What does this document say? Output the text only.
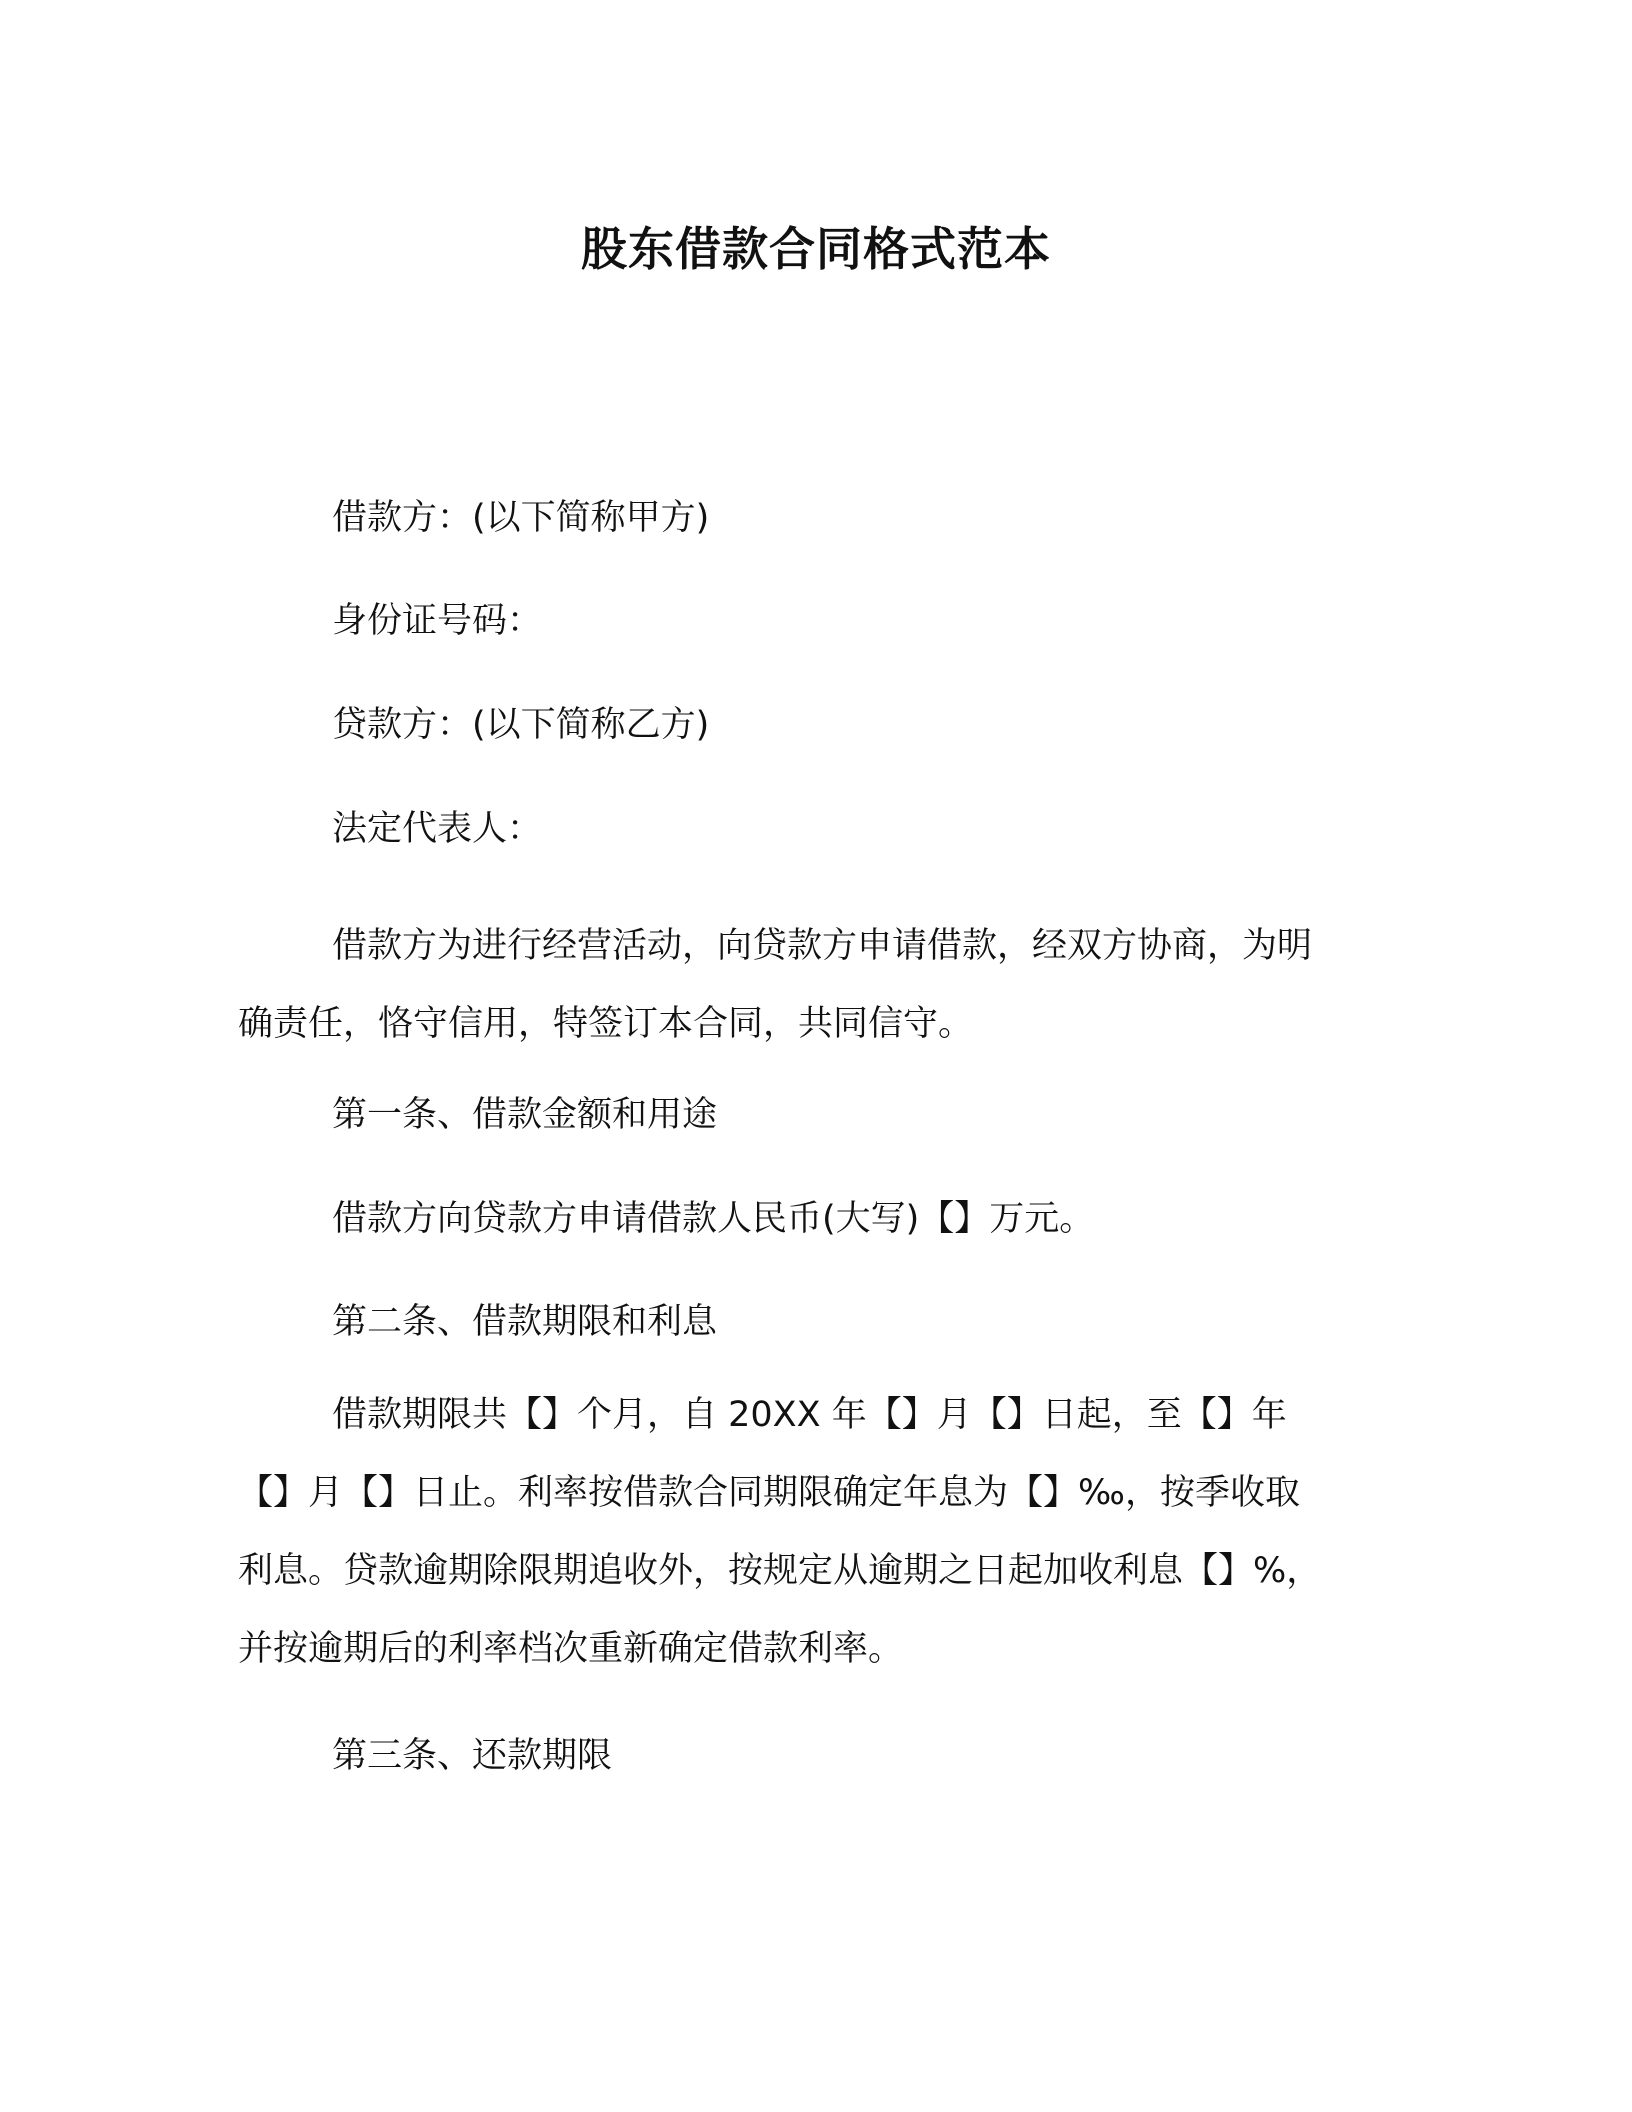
股东借款合同格式范本
借款方：(以下简称甲方)
身份证号码：
贷款方：(以下简称乙方)
法定代表人：
借款方为进行经营活动，向贷款方申请借款，经双方协商，为明
确责任，恪守信用，特签订本合同，共同信守。
第一条、借款金额和用途
借款方向贷款方申请借款人民币(大写)【】万元。
第二条、借款期限和利息
借款期限共【】个月，自 20XX 年【】月【】日起，至【】年
【】月【】日止。利率按借款合同期限确定年息为【】‰，按季收取
利息。贷款逾期除限期追收外，按规定从逾期之日起加收利息【】%，
并按逾期后的利率档次重新确定借款利率。
第三条、还款期限
